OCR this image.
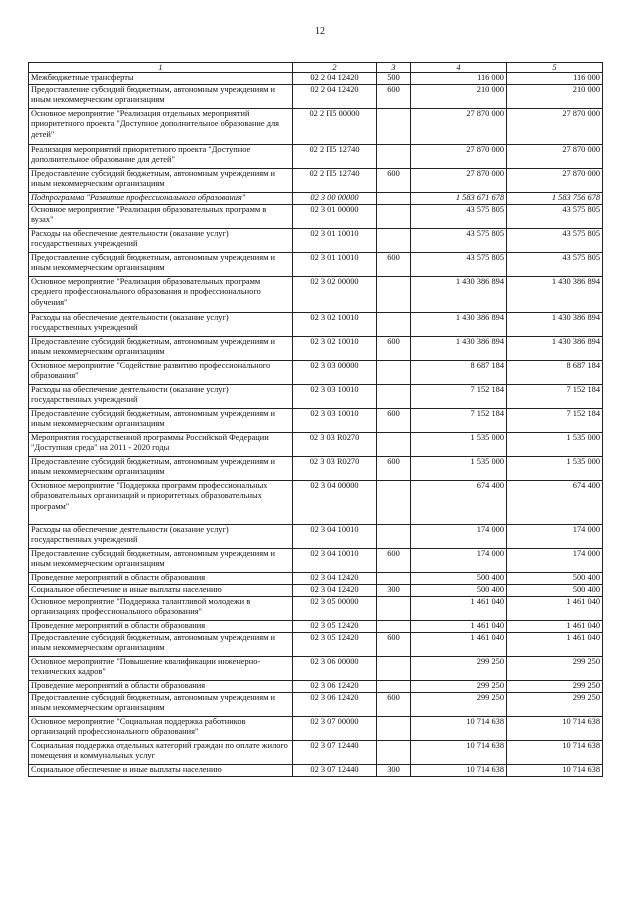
12
1	2	3	4	5
Межбюджетные трансферты	02 2 04 12420	500	116 000	116 000
Предоставление субсидий бюджетным, автономным учреждениям и иным некоммерческим организациям	02 2 04 12420	600	210 000	210 000
Основное мероприятие "Реализация отдельных мероприятий приоритетного проекта "Доступное дополнительное образование для детей"	02 2 П5 00000		27 870 000	27 870 000
Реализация мероприятий приоритетного проекта "Доступное дополнительное образование для детей"	02 2 П5 12740		27 870 000	27 870 000
Предоставление субсидий бюджетным, автономным учреждениям и иным некоммерческим организациям	02 2 П5 12740	600	27 870 000	27 870 000
Подпрограмма "Развитие профессионального образования"	02 3 00 00000		1 583 671 678	1 583 756 678
Основное мероприятие "Реализация образовательных программ в вузах"	02 3 01 00000		43 575 805	43 575 805
Расходы на обеспечение деятельности (оказание услуг) государственных учреждений	02 3 01 10010		43 575 805	43 575 805
Предоставление субсидий бюджетным, автономным учреждениям и иным некоммерческим организациям	02 3 01 10010	600	43 575 805	43 575 805
Основное мероприятие "Реализация образовательных программ среднего профессионального образования и профессионального обучения"	02 3 02 00000		1 430 386 894	1 430 386 894
Расходы на обеспечение деятельности (оказание услуг) государственных учреждений	02 3 02 10010		1 430 386 894	1 430 386 894
Предоставление субсидий бюджетным, автономным учреждениям и иным некоммерческим организациям	02 3 02 10010	600	1 430 386 894	1 430 386 894
Основное мероприятие "Содействие развитию профессионального образования"	02 3 03 00000		8 687 184	8 687 184
Расходы на обеспечение деятельности (оказание услуг) государственных учреждений	02 3 03 10010		7 152 184	7 152 184
Предоставление субсидий бюджетным, автономным учреждениям и иным некоммерческим организациям	02 3 03 10010	600	7 152 184	7 152 184
Мероприятия государственной программы Российской Федерации "Доступная среда" на 2011 - 2020 годы	02 3 03 R0270		1 535 000	1 535 000
Предоставление субсидий бюджетным, автономным учреждениям и иным некоммерческим организациям	02 3 03 R0270	600	1 535 000	1 535 000
Основное мероприятие "Поддержка программ профессиональных образовательных организаций и приоритетных образовательных программ"	02 3 04 00000		674 400	674 400
Расходы на обеспечение деятельности (оказание услуг) государственных учреждений	02 3 04 10010		174 000	174 000
Предоставление субсидий бюджетным, автономным учреждениям и иным некоммерческим организациям	02 3 04 10010	600	174 000	174 000
Проведение мероприятий в области образования	02 3 04 12420		500 400	500 400
Социальное обеспечение и иные выплаты населению	02 3 04 12420	300	500 400	500 400
Основное мероприятие "Поддержка талантливой молодежи в организациях профессионального образования"	02 3 05 00000		1 461 040	1 461 040
Проведение мероприятий в области образования	02 3 05 12420		1 461 040	1 461 040
Предоставление субсидий бюджетным, автономным учреждениям и иным некоммерческим организациям	02 3 05 12420	600	1 461 040	1 461 040
Основное мероприятие "Повышение квалификации инженерно-технических кадров"	02 3 06 00000		299 250	299 250
Проведение мероприятий в области образования	02 3 06 12420		299 250	299 250
Предоставление субсидий бюджетным, автономным учреждениям и иным некоммерческим организациям	02 3 06 12420	600	299 250	299 250
Основное мероприятие "Социальная поддержка работников организаций профессионального образования"	02 3 07 00000		10 714 638	10 714 638
Социальная поддержка отдельных категорий граждан по оплате жилого помещения и коммунальных услуг	02 3 07 12440		10 714 638	10 714 638
Социальное обеспечение и иные выплаты населению	02 3 07 12440	300	10 714 638	10 714 638
